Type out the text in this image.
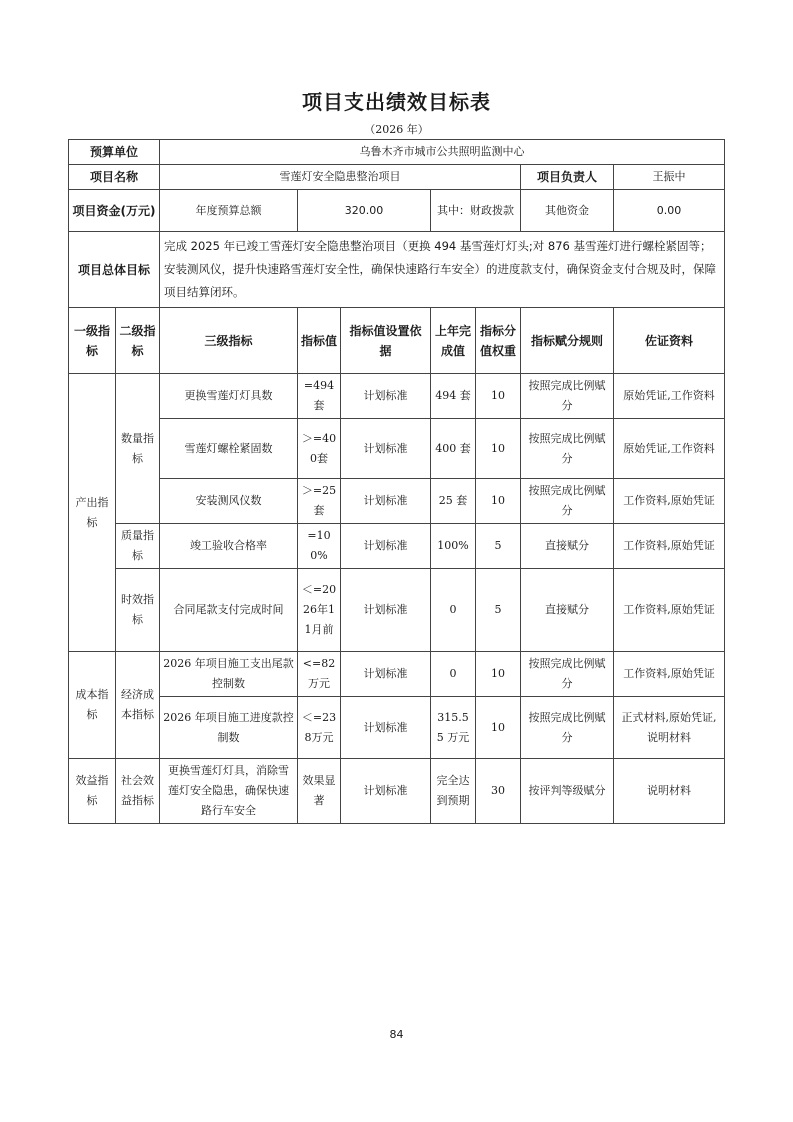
项目支出绩效目标表
（2026 年）
预算单位		乌鲁木齐市城市公共照明监测中心						
项目名称		雪莲灯安全隐患整治项目					项目负责人	王振中
项目资金(万元)		年度预算总额	320.00		其中：财政拨款		其他资金	0.00
项目总体目标		完成 2025 年已竣工雪莲灯安全隐患整治项目（更换 494 基雪莲灯灯头;对 876 基雪莲灯进行螺栓紧固等；安装测风仪，提升快速路雪莲灯安全性，确保快速路行车安全）的进度款支付，确保资金支付合规及时，保障项目结算闭环。						
一级指标	二级指标	三级指标	指标值	指标值设置依据	上年完成值	指标分值权重	指标赋分规则	佐证资料
产出指标	数量指标	更换雪莲灯灯具数	=494套	计划标准	494 套	10	按照完成比例赋分	原始凭证,工作资料
		雪莲灯螺栓紧固数	＞=400套	计划标准	400 套	10	按照完成比例赋分	原始凭证,工作资料
		安装测风仪数	＞=25套	计划标准	25 套	10	按照完成比例赋分	工作资料,原始凭证
	质量指标	竣工验收合格率	=100%	计划标准	100%	5	直接赋分	工作资料,原始凭证
	时效指标	合同尾款支付完成时间	＜=2026年11月前	计划标准	0	5	直接赋分	工作资料,原始凭证
成本指标	经济成本指标	2026 年项目施工支出尾款控制数	<=82万元	计划标准	0	10	按照完成比例赋分	工作资料,原始凭证
		2026 年项目施工进度款控制数	＜=238万元	计划标准	315.55 万元	10	按照完成比例赋分	正式材料,原始凭证,说明材料
效益指标	社会效益指标	更换雪莲灯灯具，消除雪莲灯安全隐患，确保快速路行车安全	效果显著	计划标准	完全达到预期	30	按评判等级赋分	说明材料
84
